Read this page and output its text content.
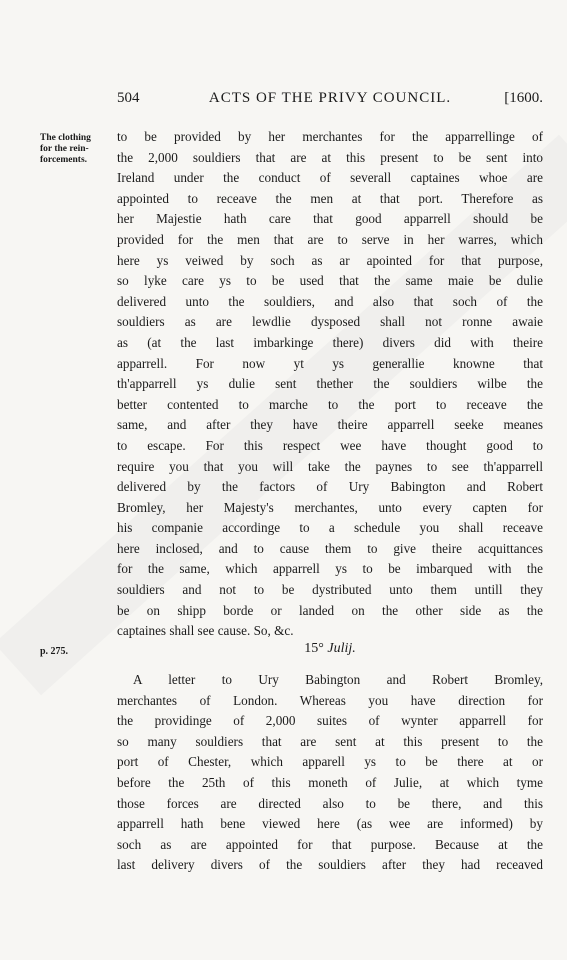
504	ACTS OF THE PRIVY COUNCIL.	[1600.
The clothing
for the rein-
forcements.
to be provided by her merchantes for the apparrellinge of
the 2,000 souldiers that are at this present to be sent into
Ireland under the conduct of severall captaines whoe are
appointed to receave the men at that port. Therefore as
her Majestie hath care that good apparrell should be
provided for the men that are to serve in her warres, which
here ys veiwed by soch as ar apointed for that purpose,
so lyke care ys to be used that the same maie be dulie
delivered unto the souldiers, and also that soch of the
souldiers as are lewdlie dysposed shall not ronne awaie
as (at the last imbarkinge there) divers did with theire
apparrell. For now yt ys generallie knowne that
th'apparrell ys dulie sent thether the souldiers wilbe the
better contented to marche to the port to receave the
same, and after they have theire apparrell seeke meanes
to escape. For this respect wee have thought good to
require you that you will take the paynes to see th'apparrell
delivered by the factors of Ury Babington and Robert
Bromley, her Majesty's merchantes, unto every capten for
his companie accordinge to a schedule you shall receave
here inclosed, and to cause them to give theire acquittances
for the same, which apparrell ys to be imbarqued with the
souldiers and not to be dystributed unto them untill they
be on shipp borde or landed on the other side as the
captaines shall see cause. So, &c.
p. 275.	15° Julij.
A letter to Ury Babington and Robert Bromley,
merchantes of London. Whereas you have direction for
the providinge of 2,000 suites of wynter apparrell for
so many souldiers that are sent at this present to the
port of Chester, which apparell ys to be there at or
before the 25th of this moneth of Julie, at which tyme
those forces are directed also to be there, and this
apparrell hath bene viewed here (as wee are informed) by
soch as are appointed for that purpose. Because at the
last delivery divers of the souldiers after they had receaved
